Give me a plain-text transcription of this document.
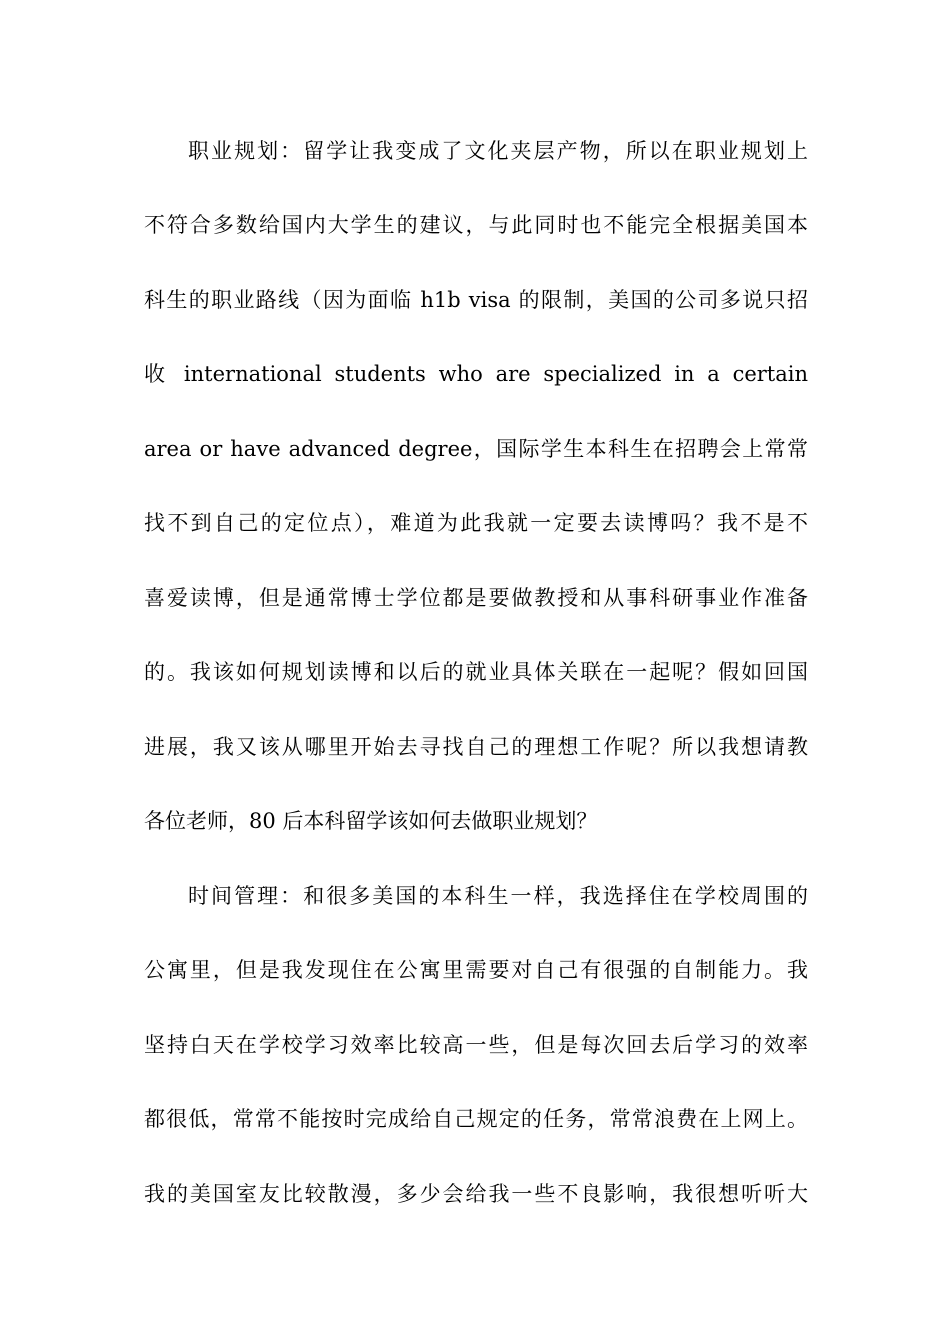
职业规划：留学让我变成了文化夹层产物，所以在职业规划上
不符合多数给国内大学生的建议，与此同时也不能完全根据美国本
科生的职业路线（因为面临 h1b visa 的限制，美国的公司多说只招
收 international students who are specialized in a certain
area or have advanced degree，国际学生本科生在招聘会上常常
找不到自己的定位点），难道为此我就一定要去读博吗？我不是不
喜爱读博，但是通常博士学位都是要做教授和从事科研事业作准备
的。我该如何规划读博和以后的就业具体关联在一起呢？假如回国
进展，我又该从哪里开始去寻找自己的理想工作呢？所以我想请教
各位老师，80 后本科留学该如何去做职业规划？
时间管理：和很多美国的本科生一样，我选择住在学校周围的
公寓里，但是我发现住在公寓里需要对自己有很强的自制能力。我
坚持白天在学校学习效率比较高一些，但是每次回去后学习的效率
都很低，常常不能按时完成给自己规定的任务，常常浪费在上网上。
我的美国室友比较散漫，多少会给我一些不良影响，我很想听听大
